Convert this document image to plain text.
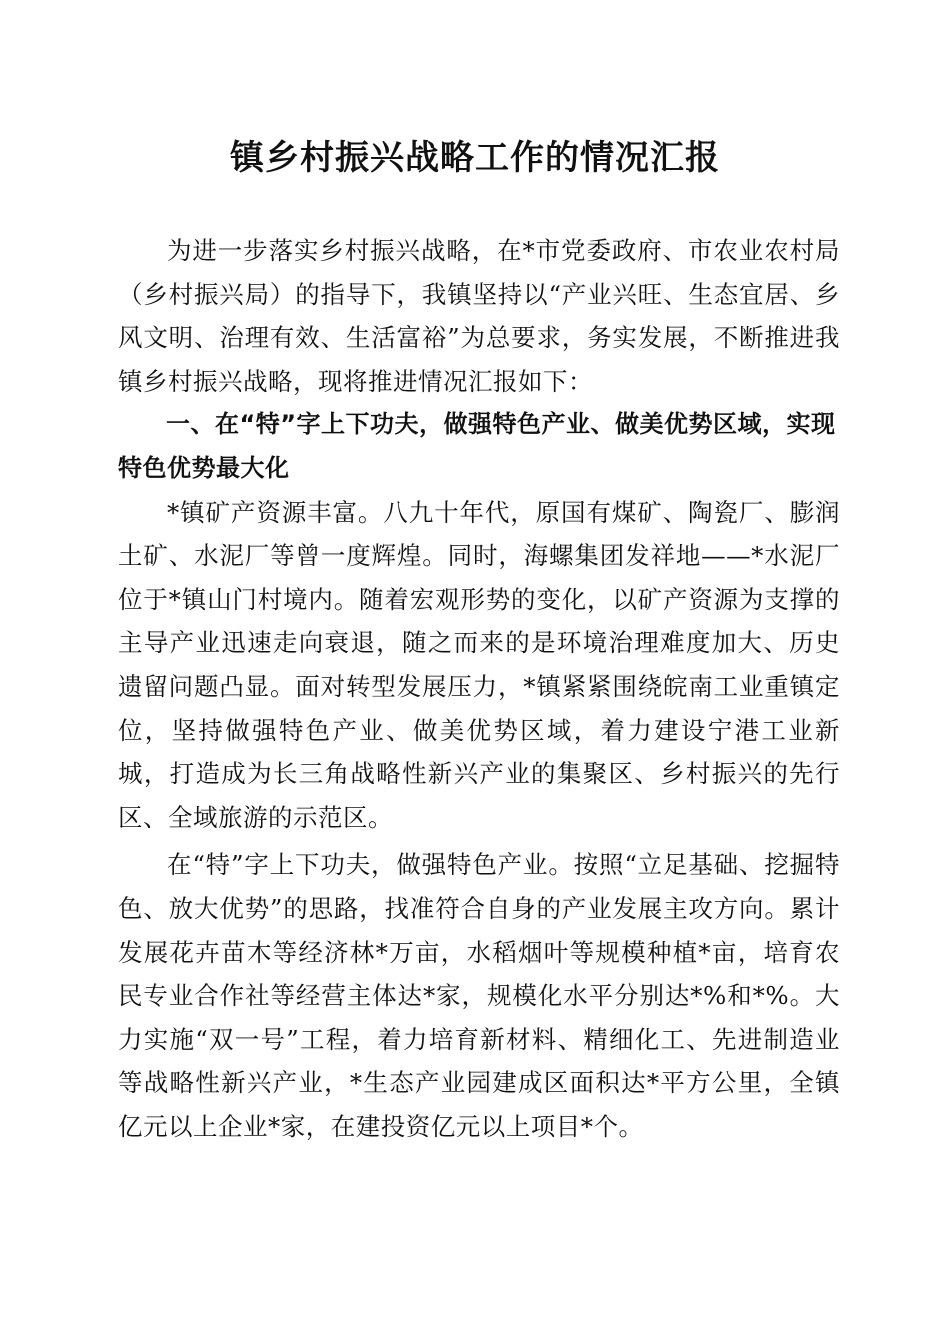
镇乡村振兴战略工作的情况汇报

为进一步落实乡村振兴战略，在*市党委政府、市农业农村局（乡村振兴局）的指导下，我镇坚持以“产业兴旺、生态宜居、乡风文明、治理有效、生活富裕”为总要求，务实发展，不断推进我镇乡村振兴战略，现将推进情况汇报如下：

一、在“特”字上下功夫，做强特色产业、做美优势区域，实现特色优势最大化

*镇矿产资源丰富。八九十年代，原国有煤矿、陶瓷厂、膨润土矿、水泥厂等曾一度辉煌。同时，海螺集团发祥地——*水泥厂位于*镇山门村境内。随着宏观形势的变化，以矿产资源为支撑的主导产业迅速走向衰退，随之而来的是环境治理难度加大、历史遗留问题凸显。面对转型发展压力，*镇紧紧围绕皖南工业重镇定位，坚持做强特色产业、做美优势区域，着力建设宁港工业新城，打造成为长三角战略性新兴产业的集聚区、乡村振兴的先行区、全域旅游的示范区。

在“特”字上下功夫，做强特色产业。按照“立足基础、挖掘特色、放大优势”的思路，找准符合自身的产业发展主攻方向。累计发展花卉苗木等经济林*万亩，水稻烟叶等规模种植*亩，培育农民专业合作社等经营主体达*家，规模化水平分别达*%和*%。大力实施“双一号”工程，着力培育新材料、精细化工、先进制造业等战略性新兴产业，*生态产业园建成区面积达*平方公里，全镇亿元以上企业*家，在建投资亿元以上项目*个。
